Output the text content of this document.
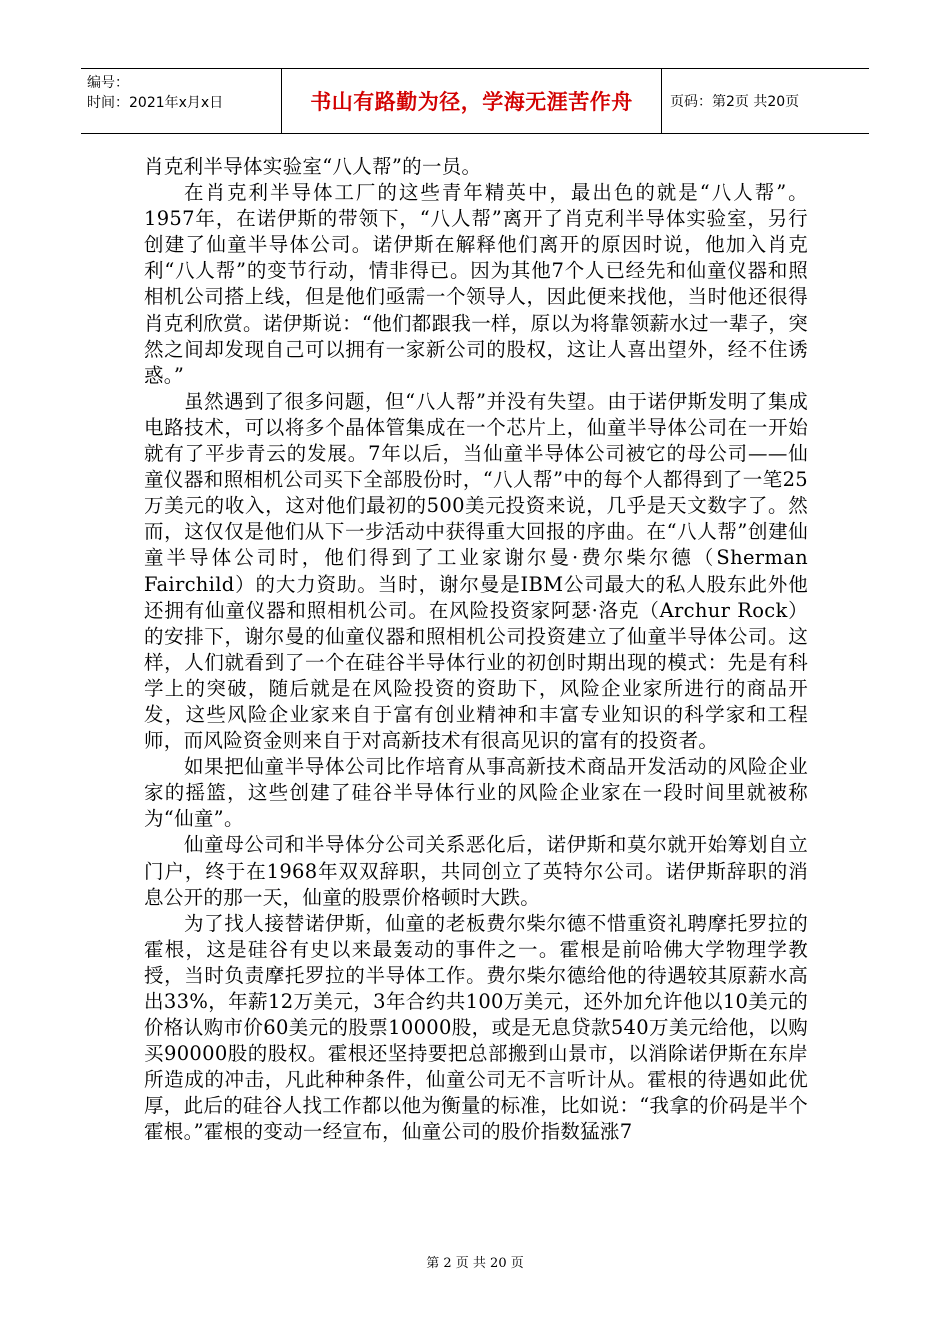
编号：
时间：2021年x月x日	书山有路勤为径，学海无涯苦作舟	页码：第2页 共20页

肖克利半导体实验室“八人帮”的一员。

在肖克利半导体工厂的这些青年精英中，最出色的就是“八人帮”。1957年，在诺伊斯的带领下，“八人帮”离开了肖克利半导体实验室，另行创建了仙童半导体公司。诺伊斯在解释他们离开的原因时说，他加入肖克利“八人帮”的变节行动，情非得已。因为其他7个人已经先和仙童仪器和照相机公司搭上线，但是他们亟需一个领导人，因此便来找他，当时他还很得肖克利欣赏。诺伊斯说：“他们都跟我一样，原以为将靠领薪水过一辈子，突然之间却发现自己可以拥有一家新公司的股权，这让人喜出望外，经不住诱惑。”

虽然遇到了很多问题，但“八人帮”并没有失望。由于诺伊斯发明了集成电路技术，可以将多个晶体管集成在一个芯片上，仙童半导体公司在一开始就有了平步青云的发展。7年以后，当仙童半导体公司被它的母公司——仙童仪器和照相机公司买下全部股份时，“八人帮”中的每个人都得到了一笔25万美元的收入，这对他们最初的500美元投资来说，几乎是天文数字了。然而，这仅仅是他们从下一步活动中获得重大回报的序曲。在“八人帮”创建仙童半导体公司时，他们得到了工业家谢尔曼·费尔柴尔德（Sherman Fairchild）的大力资助。当时，谢尔曼是IBM公司最大的私人股东此外他还拥有仙童仪器和照相机公司。在风险投资家阿瑟·洛克（Archur Rock）的安排下，谢尔曼的仙童仪器和照相机公司投资建立了仙童半导体公司。这样，人们就看到了一个在硅谷半导体行业的初创时期出现的模式：先是有科学上的突破，随后就是在风险投资的资助下，风险企业家所进行的商品开发，这些风险企业家来自于富有创业精神和丰富专业知识的科学家和工程师，而风险资金则来自于对高新技术有很高见识的富有的投资者。

如果把仙童半导体公司比作培育从事高新技术商品开发活动的风险企业家的摇篮，这些创建了硅谷半导体行业的风险企业家在一段时间里就被称为“仙童”。

仙童母公司和半导体分公司关系恶化后，诺伊斯和莫尔就开始筹划自立门户，终于在1968年双双辞职，共同创立了英特尔公司。诺伊斯辞职的消息公开的那一天，仙童的股票价格顿时大跌。

为了找人接替诺伊斯，仙童的老板费尔柴尔德不惜重资礼聘摩托罗拉的霍根，这是硅谷有史以来最轰动的事件之一。霍根是前哈佛大学物理学教授，当时负责摩托罗拉的半导体工作。费尔柴尔德给他的待遇较其原薪水高出33%，年薪12万美元，3年合约共100万美元，还外加允许他以10美元的价格认购市价60美元的股票10000股，或是无息贷款540万美元给他，以购买90000股的股权。霍根还坚持要把总部搬到山景市，以消除诺伊斯在东岸所造成的冲击，凡此种种条件，仙童公司无不言听计从。霍根的待遇如此优厚，此后的硅谷人找工作都以他为衡量的标准，比如说：“我拿的价码是半个霍根。”霍根的变动一经宣布，仙童公司的股价指数猛涨7

第 2 页 共 20 页
